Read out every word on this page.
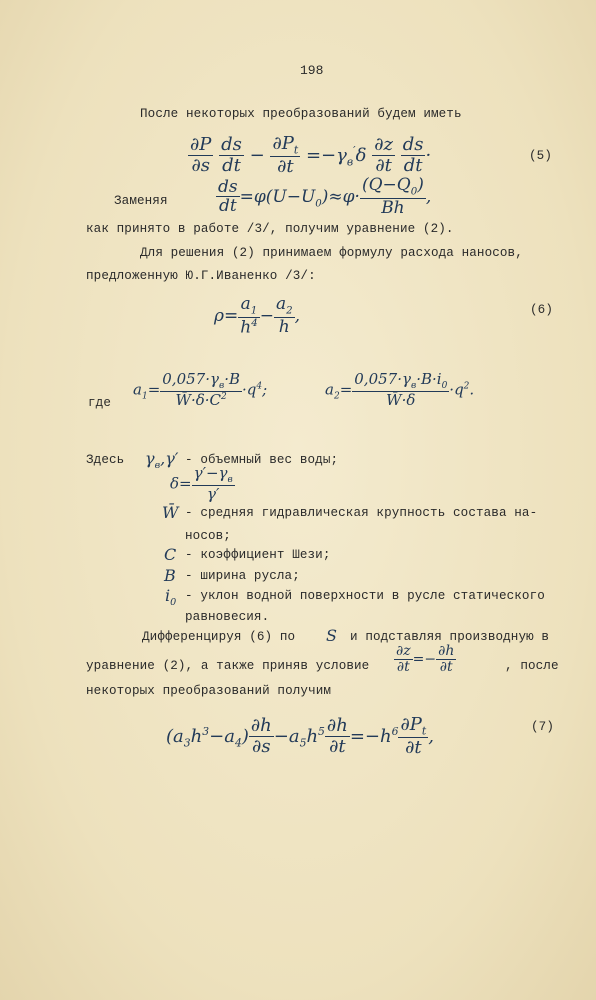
198
После некоторых преобразований будем иметь
$\frac{\partial P}{\partial s}$
$\frac{ds}{dt} - \frac{\partial P_t}{\partial t} =-\gamma_в'\delta \frac{\partial z}{\partial t}$
$\frac{ds}{dt}$ ·	(5)
Заменяя	$\frac{ds}{dt} =\varphi(U-U_0)\approx\varphi\cdot \frac{(Q-Q_0)}{Bh}$ ,
как принято в работе /3/, получим уравнение (2).
Для решения (2) принимаем формулу расхода наносов,
предложенную Ю.Г.Иваненко /3/:
$\rho= \frac{a_1}{h^4} - \frac{a_2}{h}$ ,	(6)
где
$a_1= \frac{0,057\cdot\gamma_в\cdot B}{W̄\cdot\delta\cdot C^2} \cdot q^4$;	$a_2= \frac{0,057\cdot\gamma_в\cdot B\cdot i_0}{W̄\cdot\delta} \cdot q^2$.
Здесь $\gamma_в,\gamma'$ - объемный вес воды;
$\delta= \frac{\gamma'-\gamma_в}{\gamma'}$
W̄ - средняя гидравлическая крупность состава на-
носов;
C - коэффициент Шези;
B - ширина русла;
$i_0$ - уклон водной поверхности в русле статического
равновесия.
Дифференцируя (6) по S и подставляя производную в
уравнение (2), а также приняв условие $\frac{\partial z}{\partial t} =- \frac{\partial h}{\partial t}$	, после
некоторых преобразований получим
$(a_3h^3-a_4) \frac{\partial h}{\partial s} -a_5h^5 \frac{\partial h}{\partial t} =-h^6 \frac{\partial P_t}{\partial t}$ ,	(7)
